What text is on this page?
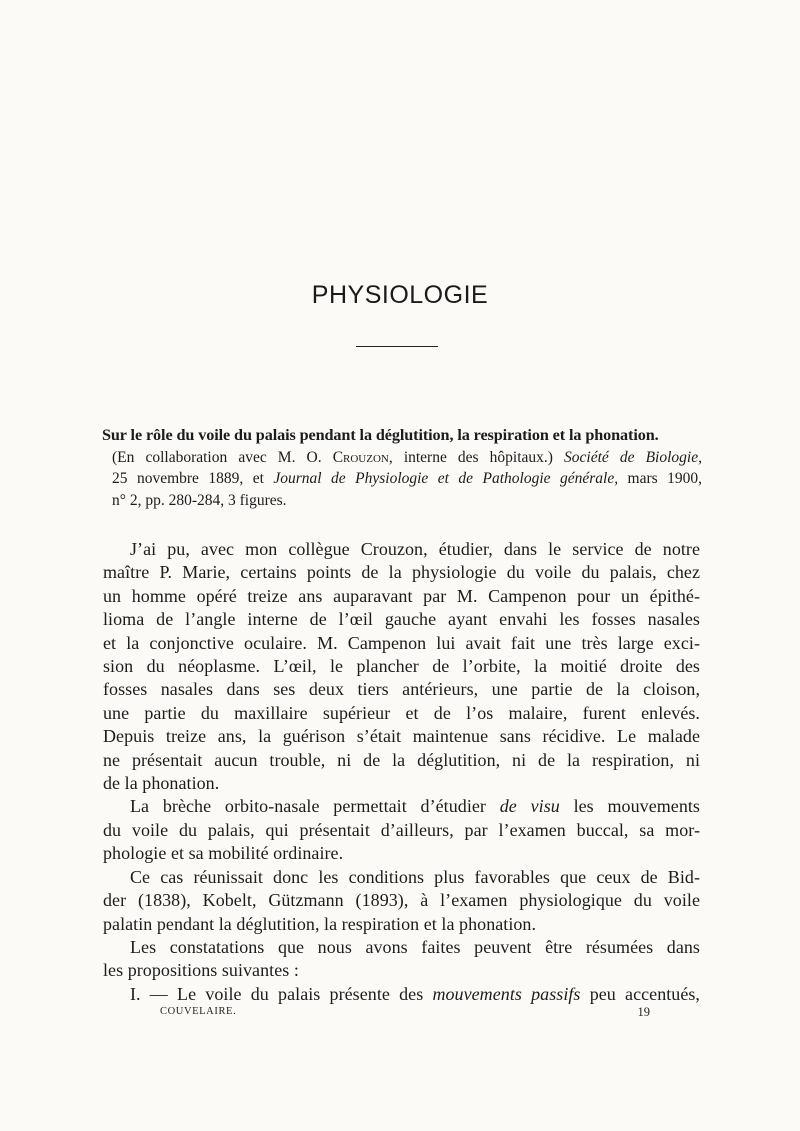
PHYSIOLOGIE
Sur le rôle du voile du palais pendant la déglutition, la respiration et la phonation.
(En collaboration avec M. O. Crouzon, interne des hôpitaux.) Société de Biologie,
25 novembre 1889, et Journal de Physiologie et de Pathologie générale, mars 1900,
n° 2, pp. 280-284, 3 figures.
J’ai pu, avec mon collègue Crouzon, étudier, dans le service de notre
maître P. Marie, certains points de la physiologie du voile du palais, chez
un homme opéré treize ans auparavant par M. Campenon pour un épithé-
lioma de l’angle interne de l’œil gauche ayant envahi les fosses nasales
et la conjonctive oculaire. M. Campenon lui avait fait une très large exci-
sion du néoplasme. L’œil, le plancher de l’orbite, la moitié droite des
fosses nasales dans ses deux tiers antérieurs, une partie de la cloison,
une partie du maxillaire supérieur et de l’os malaire, furent enlevés.
Depuis treize ans, la guérison s’était maintenue sans récidive. Le malade
ne présentait aucun trouble, ni de la déglutition, ni de la respiration, ni
de la phonation.
La brèche orbito-nasale permettait d’étudier de visu les mouvements
du voile du palais, qui présentait d’ailleurs, par l’examen buccal, sa mor-
phologie et sa mobilité ordinaire.
Ce cas réunissait donc les conditions plus favorables que ceux de Bid-
der (1838), Kobelt, Gützmann (1893), à l’examen physiologique du voile
palatin pendant la déglutition, la respiration et la phonation.
Les constatations que nous avons faites peuvent être résumées dans
les propositions suivantes :
I. — Le voile du palais présente des mouvements passifs peu accentués,
COUVELAIRE.	19
